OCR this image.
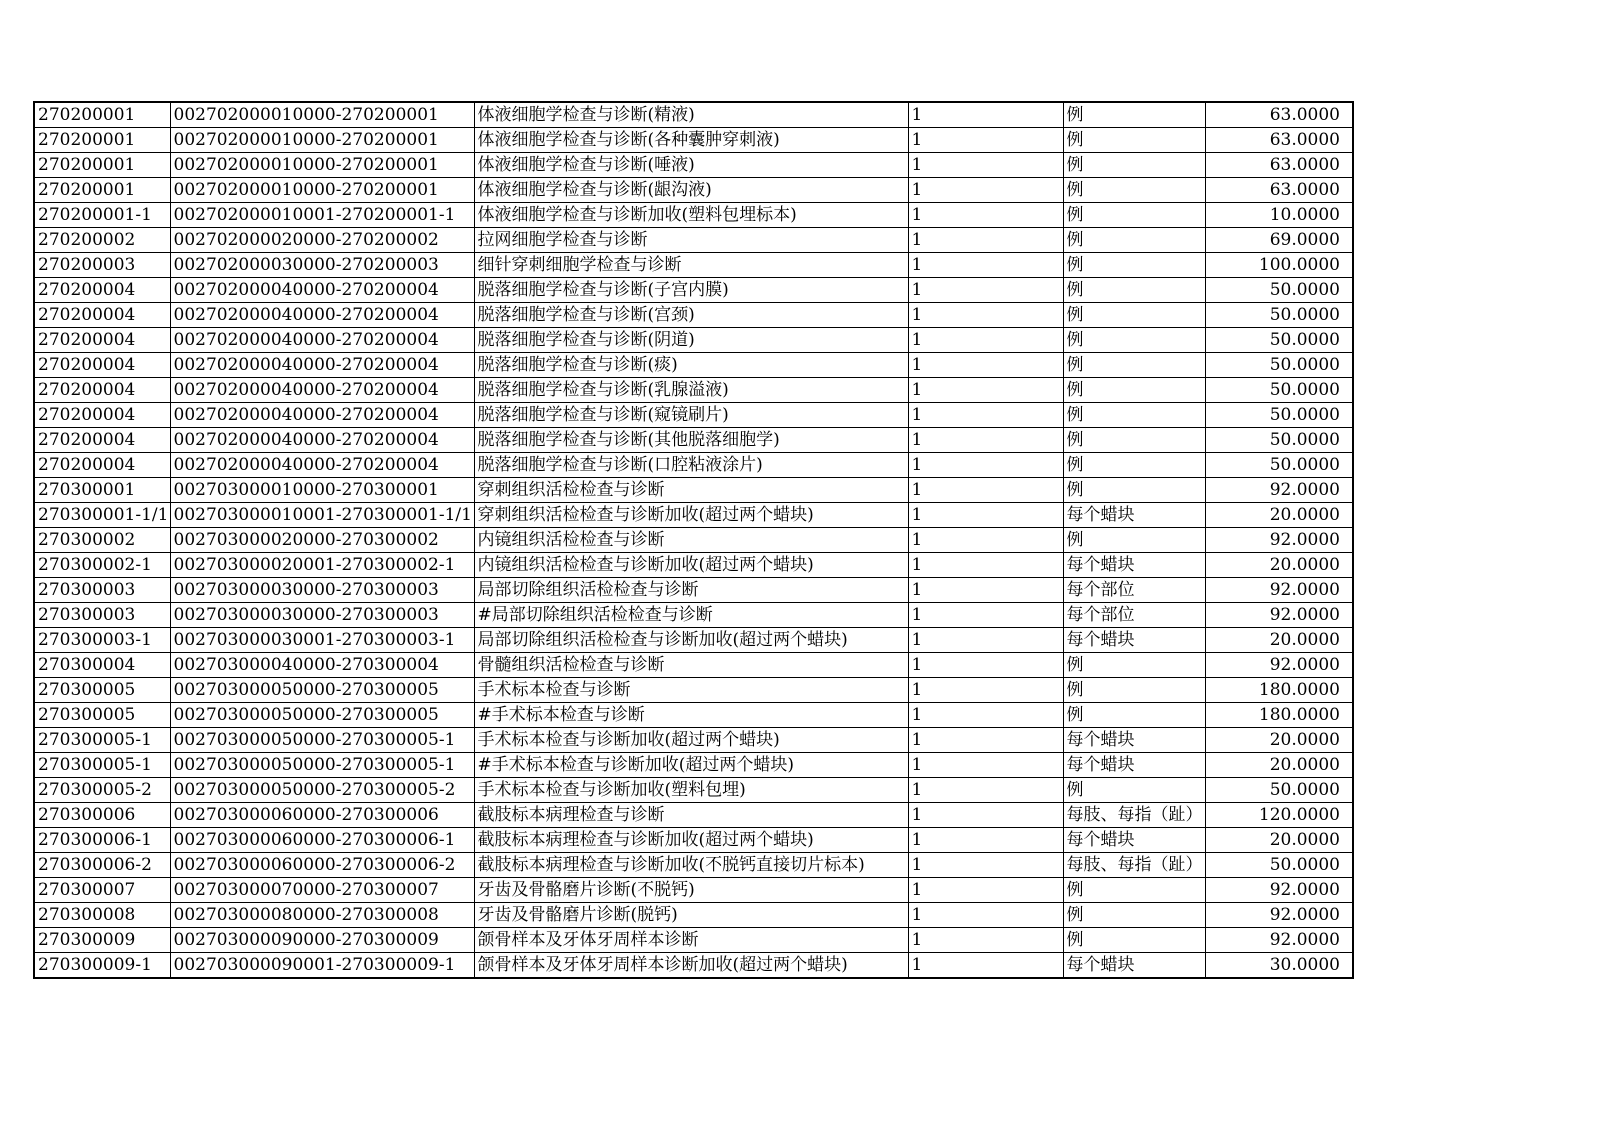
270200001	002702000010000-270200001	体液细胞学检查与诊断(精液)	1	例	63.0000
270200001	002702000010000-270200001	体液细胞学检查与诊断(各种囊肿穿刺液)	1	例	63.0000
270200001	002702000010000-270200001	体液细胞学检查与诊断(唾液)	1	例	63.0000
270200001	002702000010000-270200001	体液细胞学检查与诊断(龈沟液)	1	例	63.0000
270200001-1	002702000010001-270200001-1	体液细胞学检查与诊断加收(塑料包埋标本)	1	例	10.0000
270200002	002702000020000-270200002	拉网细胞学检查与诊断	1	例	69.0000
270200003	002702000030000-270200003	细针穿刺细胞学检查与诊断	1	例	100.0000
270200004	002702000040000-270200004	脱落细胞学检查与诊断(子宫内膜)	1	例	50.0000
270200004	002702000040000-270200004	脱落细胞学检查与诊断(宫颈)	1	例	50.0000
270200004	002702000040000-270200004	脱落细胞学检查与诊断(阴道)	1	例	50.0000
270200004	002702000040000-270200004	脱落细胞学检查与诊断(痰)	1	例	50.0000
270200004	002702000040000-270200004	脱落细胞学检查与诊断(乳腺溢液)	1	例	50.0000
270200004	002702000040000-270200004	脱落细胞学检查与诊断(窥镜刷片)	1	例	50.0000
270200004	002702000040000-270200004	脱落细胞学检查与诊断(其他脱落细胞学)	1	例	50.0000
270200004	002702000040000-270200004	脱落细胞学检查与诊断(口腔粘液涂片)	1	例	50.0000
270300001	002703000010000-270300001	穿刺组织活检检查与诊断	1	例	92.0000
270300001-1/1	002703000010001-270300001-1/1	穿刺组织活检检查与诊断加收(超过两个蜡块)	1	每个蜡块	20.0000
270300002	002703000020000-270300002	内镜组织活检检查与诊断	1	例	92.0000
270300002-1	002703000020001-270300002-1	内镜组织活检检查与诊断加收(超过两个蜡块)	1	每个蜡块	20.0000
270300003	002703000030000-270300003	局部切除组织活检检查与诊断	1	每个部位	92.0000
270300003	002703000030000-270300003	#局部切除组织活检检查与诊断	1	每个部位	92.0000
270300003-1	002703000030001-270300003-1	局部切除组织活检检查与诊断加收(超过两个蜡块)	1	每个蜡块	20.0000
270300004	002703000040000-270300004	骨髓组织活检检查与诊断	1	例	92.0000
270300005	002703000050000-270300005	手术标本检查与诊断	1	例	180.0000
270300005	002703000050000-270300005	#手术标本检查与诊断	1	例	180.0000
270300005-1	002703000050000-270300005-1	手术标本检查与诊断加收(超过两个蜡块)	1	每个蜡块	20.0000
270300005-1	002703000050000-270300005-1	#手术标本检查与诊断加收(超过两个蜡块)	1	每个蜡块	20.0000
270300005-2	002703000050000-270300005-2	手术标本检查与诊断加收(塑料包埋)	1	例	50.0000
270300006	002703000060000-270300006	截肢标本病理检查与诊断	1	每肢、每指（趾）	120.0000
270300006-1	002703000060000-270300006-1	截肢标本病理检查与诊断加收(超过两个蜡块)	1	每个蜡块	20.0000
270300006-2	002703000060000-270300006-2	截肢标本病理检查与诊断加收(不脱钙直接切片标本)	1	每肢、每指（趾）	50.0000
270300007	002703000070000-270300007	牙齿及骨骼磨片诊断(不脱钙)	1	例	92.0000
270300008	002703000080000-270300008	牙齿及骨骼磨片诊断(脱钙)	1	例	92.0000
270300009	002703000090000-270300009	颌骨样本及牙体牙周样本诊断	1	例	92.0000
270300009-1	002703000090001-270300009-1	颌骨样本及牙体牙周样本诊断加收(超过两个蜡块)	1	每个蜡块	30.0000
